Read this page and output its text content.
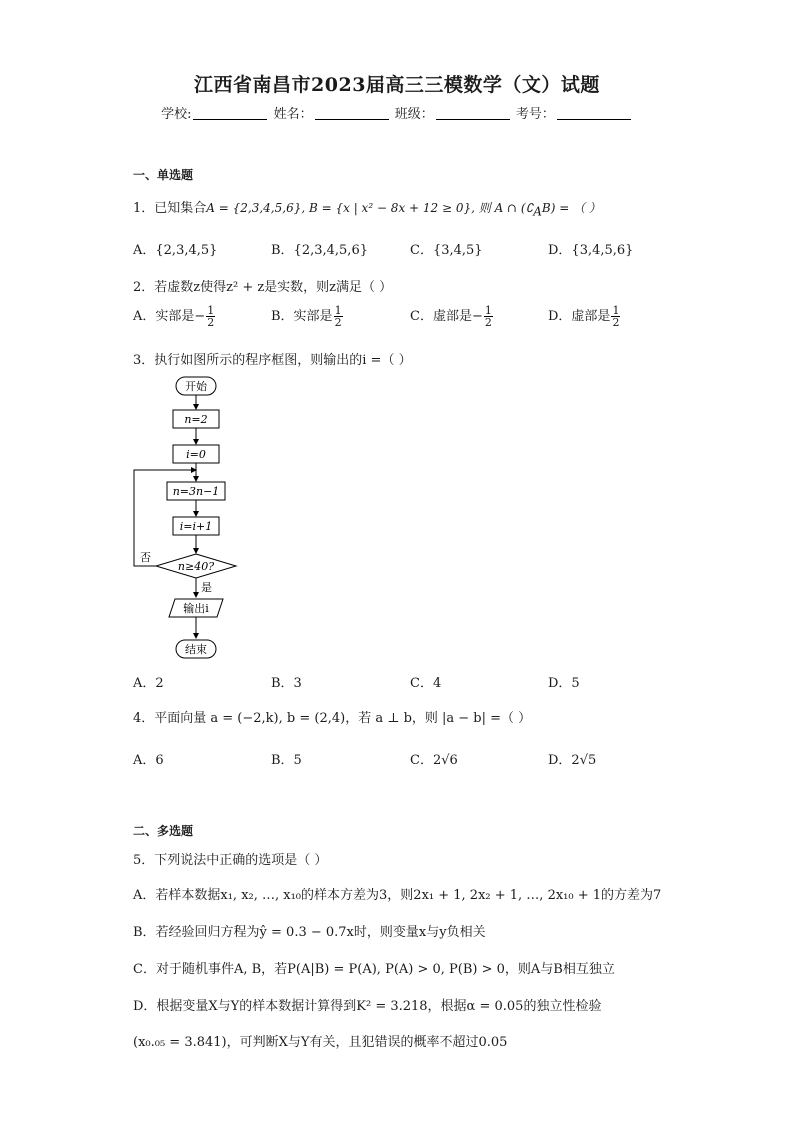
江西省南昌市2023届高三三模数学（文）试题
学校:	姓名：	班级：	考号：
一、单选题
1．已知集合A = {2,3,4,5,6}, B = {x | x² − 8x + 12 ≥ 0}, 则 A ∩ $(∁_AB)$ = （ ）
A．{2,3,4,5}	B．{2,3,4,5,6}	C．{3,4,5}	D．{3,4,5,6}
2．若虚数z使得z² + z是实数，则z满足（ ）
A．实部是− $\frac{1}{2}$	B．实部是 $\frac{1}{2}$	C．虚部是− $\frac{1}{2}$	D．虚部是 $\frac{1}{2}$
3．执行如图所示的程序框图，则输出的i =（ ）
开始
n=2
i=0
n=3n−1
i=i+1
n≥40?
否
是
输出i
结束
A．2	B．3	C．4	D．5
4．平面向量 a = (−2,k), b = (2,4)，若 a ⊥ b，则 |a − b| =（ ）
A．6	B．5	C．2√6	D．2√5
二、多选题
5．下列说法中正确的选项是（ ）
A．若样本数据x₁, x₂, …, x₁₀的样本方差为3，则2x₁ + 1, 2x₂ + 1, …, 2x₁₀ + 1的方差为7
B．若经验回归方程为ŷ = 0.3 − 0.7x时，则变量x与y负相关
C．对于随机事件A, B，若P(A|B) = P(A), P(A) > 0, P(B) > 0，则A与B相互独立
D．根据变量X与Y的样本数据计算得到K² = 3.218，根据α = 0.05的独立性检验
(x₀.₀₅ = 3.841)，可判断X与Y有关，且犯错误的概率不超过0.05
